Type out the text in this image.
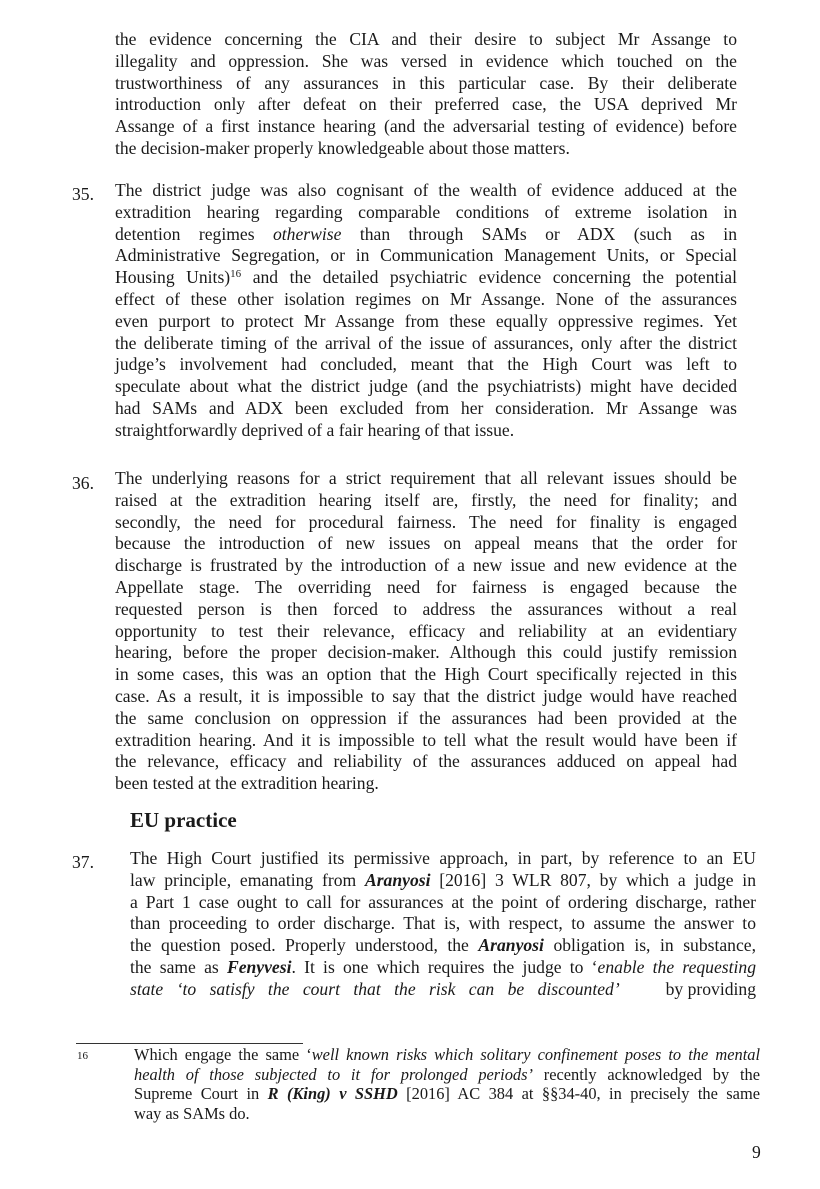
the evidence concerning the CIA and their desire to subject Mr Assange to
illegality and oppression. She was versed in evidence which touched on the
trustworthiness of any assurances in this particular case. By their deliberate
introduction only after defeat on their preferred case, the USA deprived Mr
Assange of a first instance hearing (and the adversarial testing of evidence) before
the decision-maker properly knowledgeable about those matters.
35. The district judge was also cognisant of the wealth of evidence adduced at the
extradition hearing regarding comparable conditions of extreme isolation in
detention regimes otherwise than through SAMs or ADX (such as in
Administrative Segregation, or in Communication Management Units, or Special
Housing Units)$^{16}$ and the detailed psychiatric evidence concerning the potential
effect of these other isolation regimes on Mr Assange. None of the assurances
even purport to protect Mr Assange from these equally oppressive regimes. Yet
the deliberate timing of the arrival of the issue of assurances, only after the district
judge’s involvement had concluded, meant that the High Court was left to
speculate about what the district judge (and the psychiatrists) might have decided
had SAMs and ADX been excluded from her consideration. Mr Assange was
straightforwardly deprived of a fair hearing of that issue.
36. The underlying reasons for a strict requirement that all relevant issues should be
raised at the extradition hearing itself are, firstly, the need for finality; and
secondly, the need for procedural fairness. The need for finality is engaged
because the introduction of new issues on appeal means that the order for
discharge is frustrated by the introduction of a new issue and new evidence at the
Appellate stage. The overriding need for fairness is engaged because the
requested person is then forced to address the assurances without a real
opportunity to test their relevance, efficacy and reliability at an evidentiary
hearing, before the proper decision-maker. Although this could justify remission
in some cases, this was an option that the High Court specifically rejected in this
case. As a result, it is impossible to say that the district judge would have reached
the same conclusion on oppression if the assurances had been provided at the
extradition hearing. And it is impossible to tell what the result would have been if
the relevance, efficacy and reliability of the assurances adduced on appeal had
been tested at the extradition hearing.
EU practice
37. The High Court justified its permissive approach, in part, by reference to an EU
law principle, emanating from Aranyosi [2016] 3 WLR 807, by which a judge in
a Part 1 case ought to call for assurances at the point of ordering discharge, rather
than proceeding to order discharge. That is, with respect, to assume the answer to
the question posed. Properly understood, the Aranyosi obligation is, in substance,
the same as Fenyvesi. It is one which requires the judge to ‘enable the requesting
state ‘to satisfy the court that the risk can be discounted’	by providing
16	Which engage the same ‘well known risks which solitary confinement poses to the mental
health of those subjected to it for prolonged periods’ recently acknowledged by the
Supreme Court in R (King) v SSHD [2016] AC 384 at §§34-40, in precisely the same
way as SAMs do.
9
